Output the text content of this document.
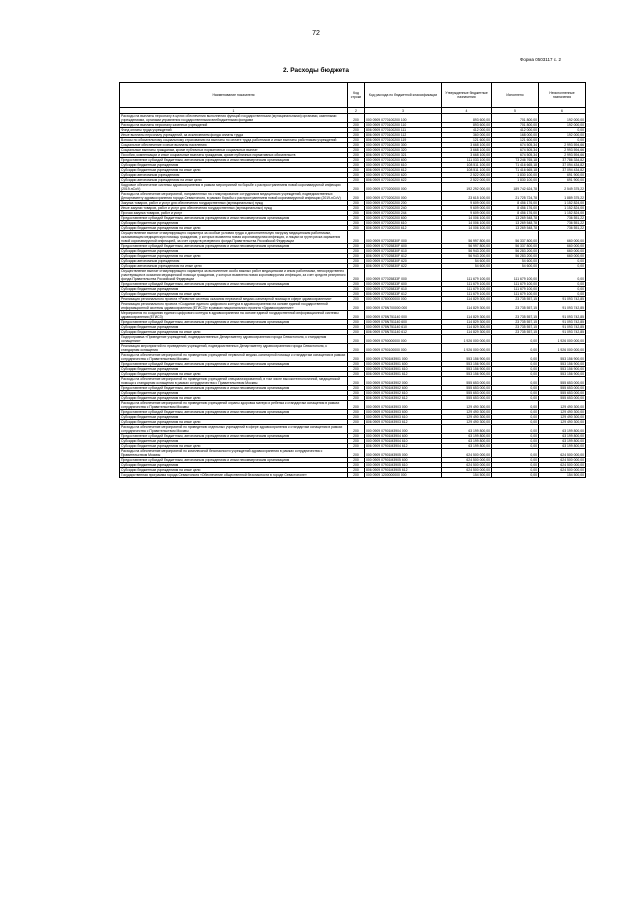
72
Форма 0503117 с. 2
2. Расходы бюджета
Наименование показателя	Код строки	Код расхода по бюджетной классификации	Утвержденные бюджетные назначения	Исполнено	Неисполненные назначения
1	2	3	4	5	6
Расходы на выплаты персоналу в целях обеспечения выполнения функций государственными (муниципальными) органами, казенными учреждениями, органами управления государственными внебюджетными фондами	200	000 0909 0770100200 100	893 600,00	701 800,00	192 000,00
Расходы на выплаты персоналу казенных учреждений	200	000 0909 0770100200 110	893 600,00	701 800,00	192 000,00
Фонд оплаты труда учреждений	200	806 0909 0770100200 111	412 000,00	412 000,00	0,00
Иные выплаты персоналу учреждений, за исключением фонда оплаты труда	200	806 0909 0770100200 112	360 000,00	168 000,00	192 000,00
Взносы по обязательному социальному страхованию на выплаты по оплате труда работников и иные выплаты работникам учреждений	200	806 0909 0770100200 119	121 600,00	121 600,00	0,00
Социальное обеспечение и иные выплаты населению	200	000 0909 0770100200 300	3 668 100,00	674 505,34	2 993 594,66
Социальные выплаты гражданам, кроме публичных нормативных социальных выплат	200	000 0909 0770100200 320	3 668 100,00	674 505,34	2 993 594,66
Пособия, компенсации и иные социальные выплаты гражданам, кроме публичных нормативных обязательств	200	806 0909 0770100200 321	3 668 100,00	674 505,34	2 993 594,66
Предоставление субсидий бюджетным, автономным учреждениям и иным некоммерческим организациям	200	000 0909 0770100200 600	111 033 100,00	73 246 765,18	37 786 334,82
Субсидии бюджетным учреждениям	200	000 0909 0770100200 610	108 511 100,00	71 416 665,18	37 094 434,82
Субсидии бюджетным учреждениям на иные цели	200	806 0909 0770100200 612	108 511 100,00	71 416 665,18	37 094 434,82
Субсидии автономным учреждениям	200	000 0909 0770100200 620	2 522 000,00	1 830 100,00	691 900,00
Субсидии автономным учреждениям на иные цели	200	806 0909 0770100200 622	2 522 000,00	1 830 100,00	691 900,00
Кадровое обеспечение системы здравоохранения в рамках мероприятий по борьбе с распространением новой коронавирусной инфекции (2019-nCoV)	200	000 0909 0770200000 000	192 292 000,00	189 742 624,78	2 549 375,22
Расходы на обеспечение мероприятий, направленных на стимулирование сотрудников медицинских учреждений, подведомственных Департаменту здравоохранения города Севастополя, в рамках борьбы с распространением новой коронавирусной инфекции (2019-nCoV)	200	000 0909 0770200200 000	23 615 100,00	21 725 724,78	1 889 375,22
Закупка товаров, работ и услуг для обеспечения государственных (муниципальных) нужд	200	000 0909 0770200200 200	9 609 000,00	8 456 176,00	1 152 824,00
Иные закупки товаров, работ и услуг для обеспечения государственных (муниципальных) нужд	200	000 0909 0770200200 240	9 609 000,00	8 456 176,00	1 152 824,00
Прочая закупка товаров, работ и услуг	200	806 0909 0770200200 244	9 609 000,00	8 456 176,00	1 152 824,00
Предоставление субсидий бюджетным, автономным учреждениям и иным некоммерческим организациям	200	000 0909 0770200200 600	14 006 100,00	13 269 548,78	736 551,22
Субсидии бюджетным учреждениям	200	000 0909 0770200200 610	14 006 100,00	13 269 548,78	736 551,22
Субсидии бюджетным учреждениям на иные цели	200	806 0909 0770200200 612	14 006 100,00	13 269 548,78	736 551,22
Осуществление выплат стимулирующего характера за особые условия труда и дополнительную нагрузку медицинским работникам, оказывающим медицинскую помощь гражданам, у которых выявлена новая коронавирусная инфекция, и лицам из групп риска заражения новой коронавирусной инфекцией, за счет средств резервного фонда Правительства Российской Федерации	200	000 0909 077025830F 000	56 997 800,00	56 337 800,00	660 000,00
Предоставление субсидий бюджетным, автономным учреждениям и иным некоммерческим организациям	200	000 0909 077025830F 600	56 997 800,00	56 337 800,00	660 000,00
Субсидии бюджетным учреждениям	200	000 0909 077025830F 610	56 943 200,00	56 283 200,00	660 000,00
Субсидии бюджетным учреждениям на иные цели	200	806 0909 077025830F 612	56 943 200,00	56 283 200,00	660 000,00
Субсидии автономным учреждениям	200	000 0909 077025830F 620	54 600,00	54 600,00	0,00
Субсидии автономным учреждениям на иные цели	200	806 0909 077025830F 622	54 600,00	54 600,00	0,00
Осуществление выплат стимулирующего характера за выполнение особо важных работ медицинским и иным работникам, непосредственно участвующим в оказании медицинской помощи гражданам, у которых выявлена новая коронавирусная инфекция, за счет средств резервного фонда Правительства Российской Федерации	200	000 0909 077025833F 000	111 679 100,00	111 679 100,00	0,00
Предоставление субсидий бюджетным, автономным учреждениям и иным некоммерческим организациям	200	000 0909 077025833F 600	111 679 100,00	111 679 100,00	0,00
Субсидии бюджетным учреждениям	200	000 0909 077025833F 610	111 679 100,00	111 679 100,00	0,00
Субсидии бюджетным учреждениям на иные цели	200	806 0909 077025833F 612	111 679 100,00	111 679 100,00	0,00
Реализация регионального проекта «Развитие системы оказания первичной медико-санитарной помощи в сфере здравоохранения»	200	000 0909 0780000000 000	114 829 300,00	23 735 557,15	91 093 742,85
Реализация регионального проекта «Создание единого цифрового контура в здравоохранении на основе единой государственной информационной системы здравоохранения (ЕГИСЗ)» в рамках национального проекта «Здравоохранение»	200	000 0909 078N700000 000	114 829 300,00	23 735 557,15	91 093 742,85
Мероприятия по созданию единого цифрового контура в здравоохранении на основе единой государственной информационной системы здравоохранения (ЕГИСЗ)	200	000 0909 078N751140 000	114 829 300,00	23 735 557,15	91 093 742,85
Предоставление субсидий бюджетным, автономным учреждениям и иным некоммерческим организациям	200	000 0909 078N751140 600	114 829 300,00	23 735 557,15	91 093 742,85
Субсидии бюджетным учреждениям	200	000 0909 078N751140 610	114 829 300,00	23 735 557,15	91 093 742,85
Субсидии бюджетным учреждениям на иные цели	200	806 0909 078N751140 612	114 829 300,00	23 735 557,15	91 093 742,85
Подпрограмма «Приведение учреждений, подведомственных Департаменту здравоохранения города Севастополя, к стандартам оснащения»	200	000 0909 0790000000 000	1 926 000 000,00	0,00	1 926 000 000,00
Реализация мероприятий по приведению учреждений, подведомственных Департаменту здравоохранения города Севастополя, к стандартам оснащения	200	000 0909 0790100000 000	1 926 000 000,00	0,00	1 926 000 000,00
Расходы на обеспечение мероприятий по приведению учреждений первичной медико-санитарной помощи к стандартам оснащения в рамках сотрудничества с Правительством Москвы	200	000 0909 07901М3901 000	553 156 900,00	0,00	553 156 900,00
Предоставление субсидий бюджетным, автономным учреждениям и иным некоммерческим организациям	200	000 0909 07901М3901 600	553 156 900,00	0,00	553 156 900,00
Субсидии бюджетным учреждениям	200	000 0909 07901М3901 610	553 156 900,00	0,00	553 156 900,00
Субсидии бюджетным учреждениям на иные цели	200	806 0909 07901М3901 612	553 156 900,00	0,00	553 156 900,00
Расходы на обеспечение мероприятий по приведению учреждений специализированной, в том числе высокотехнологичной, медицинской помощи к стандартам оснащения в рамках сотрудничества с Правительством Москвы	200	000 0909 07901М3902 000	555 653 000,00	0,00	555 653 000,00
Предоставление субсидий бюджетным, автономным учреждениям и иным некоммерческим организациям	200	000 0909 07901М3902 600	555 653 000,00	0,00	555 653 000,00
Субсидии бюджетным учреждениям	200	000 0909 07901М3902 610	555 653 000,00	0,00	555 653 000,00
Субсидии бюджетным учреждениям на иные цели	200	806 0909 07901М3902 612	555 653 000,00	0,00	555 653 000,00
Расходы на обеспечение мероприятий по приведению учреждений охраны здоровья матери и ребенка к стандартам оснащения в рамках сотрудничества с Правительством Москвы	200	000 0909 07901М3903 000	129 490 300,00	0,00	129 490 300,00
Предоставление субсидий бюджетным, автономным учреждениям и иным некоммерческим организациям	200	000 0909 07901М3903 600	129 490 300,00	0,00	129 490 300,00
Субсидии бюджетным учреждениям	200	000 0909 07901М3903 610	129 490 300,00	0,00	129 490 300,00
Субсидии бюджетным учреждениям на иные цели	200	806 0909 07901М3903 612	129 490 300,00	0,00	129 490 300,00
Расходы на обеспечение мероприятий по приведению отдельных учреждений в сфере здравоохранения к стандартам оснащения в рамках сотрудничества с Правительством Москвы	200	000 0909 07901М3904 000	63 199 800,00	0,00	63 199 800,00
Предоставление субсидий бюджетным, автономным учреждениям и иным некоммерческим организациям	200	000 0909 07901М3904 600	63 199 800,00	0,00	63 199 800,00
Субсидии бюджетным учреждениям	200	000 0909 07901М3904 610	63 199 800,00	0,00	63 199 800,00
Субсидии бюджетным учреждениям на иные цели	200	806 0909 07901М3904 612	63 199 800,00	0,00	63 199 800,00
Расходы на обеспечение мероприятий по комплексной безопасности учреждений здравоохранения в рамках сотрудничества с Правительством Москвы	200	000 0909 07901М3905 000	624 500 000,00	0,00	624 500 000,00
Предоставление субсидий бюджетным, автономным учреждениям и иным некоммерческим организациям	200	000 0909 07901М3905 600	624 500 000,00	0,00	624 500 000,00
Субсидии бюджетным учреждениям	200	000 0909 07901М3905 610	624 500 000,00	0,00	624 500 000,00
Субсидии бюджетным учреждениям на иные цели	200	806 0909 07901М3905 612	624 500 000,00	0,00	624 500 000,00
Государственная программа города Севастополя «Обеспечение общественной безопасности в городе Севастополе»	200	000 0909 1200000000 000	154 500,00	0,00	154 500,00
